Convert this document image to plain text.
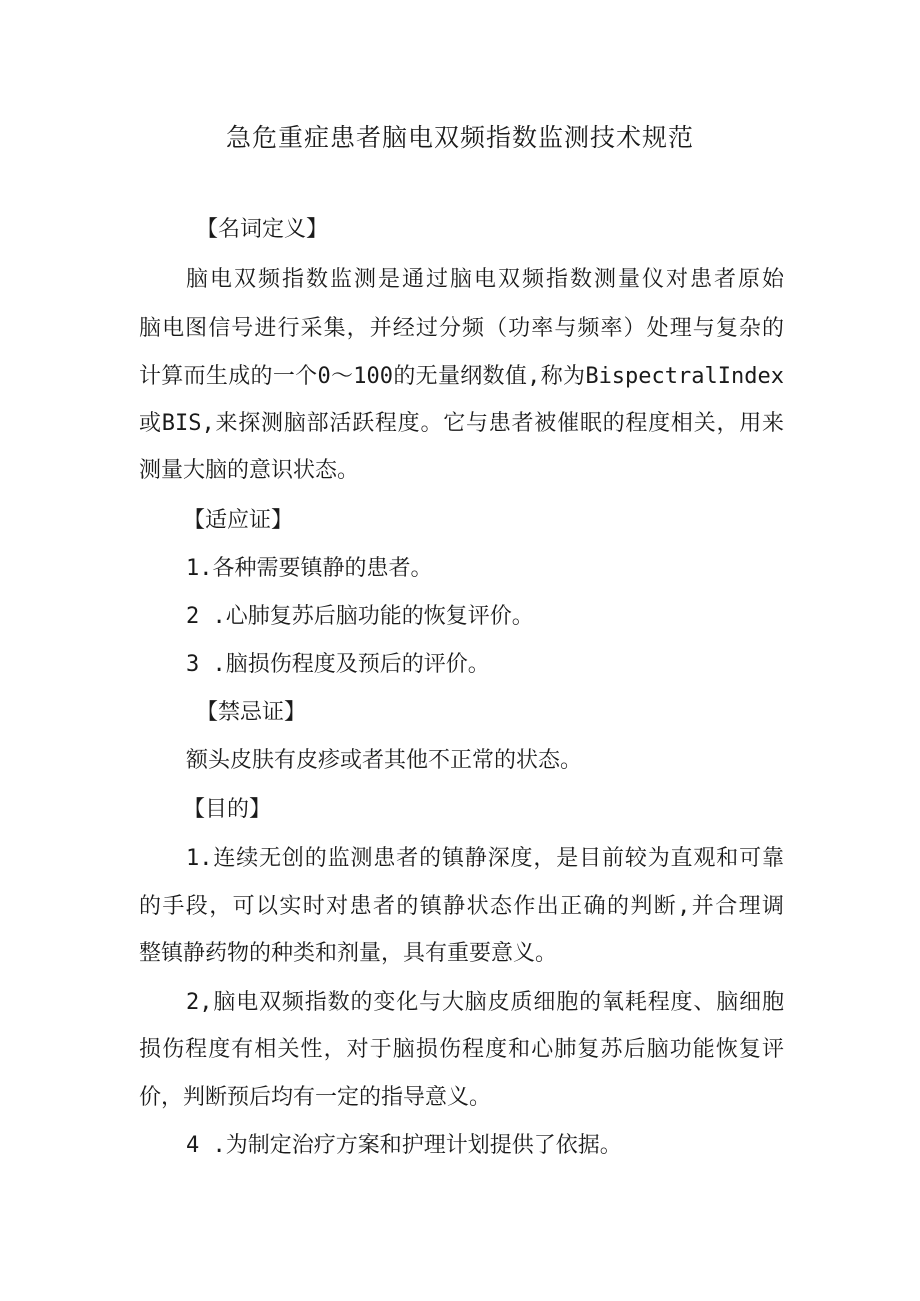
急危重症患者脑电双频指数监测技术规范
【名词定义】
脑电双频指数监测是通过脑电双频指数测量仪对患者原始
脑电图信号进行采集，并经过分频（功率与频率）处理与复杂的
计算而生成的一个0～100的无量纲数值,称为BispectralIndex
或BIS,来探测脑部活跃程度。它与患者被催眠的程度相关，用来
测量大脑的意识状态。
【适应证】
1.各种需要镇静的患者。
2 .心肺复苏后脑功能的恢复评价。
3 .脑损伤程度及预后的评价。
【禁忌证】
额头皮肤有皮疹或者其他不正常的状态。
【目的】
1.连续无创的监测患者的镇静深度，是目前较为直观和可靠
的手段，可以实时对患者的镇静状态作出正确的判断,并合理调
整镇静药物的种类和剂量，具有重要意义。
2,脑电双频指数的变化与大脑皮质细胞的氧耗程度、脑细胞
损伤程度有相关性，对于脑损伤程度和心肺复苏后脑功能恢复评
价，判断预后均有一定的指导意义。
4 .为制定治疗方案和护理计划提供了依据。
